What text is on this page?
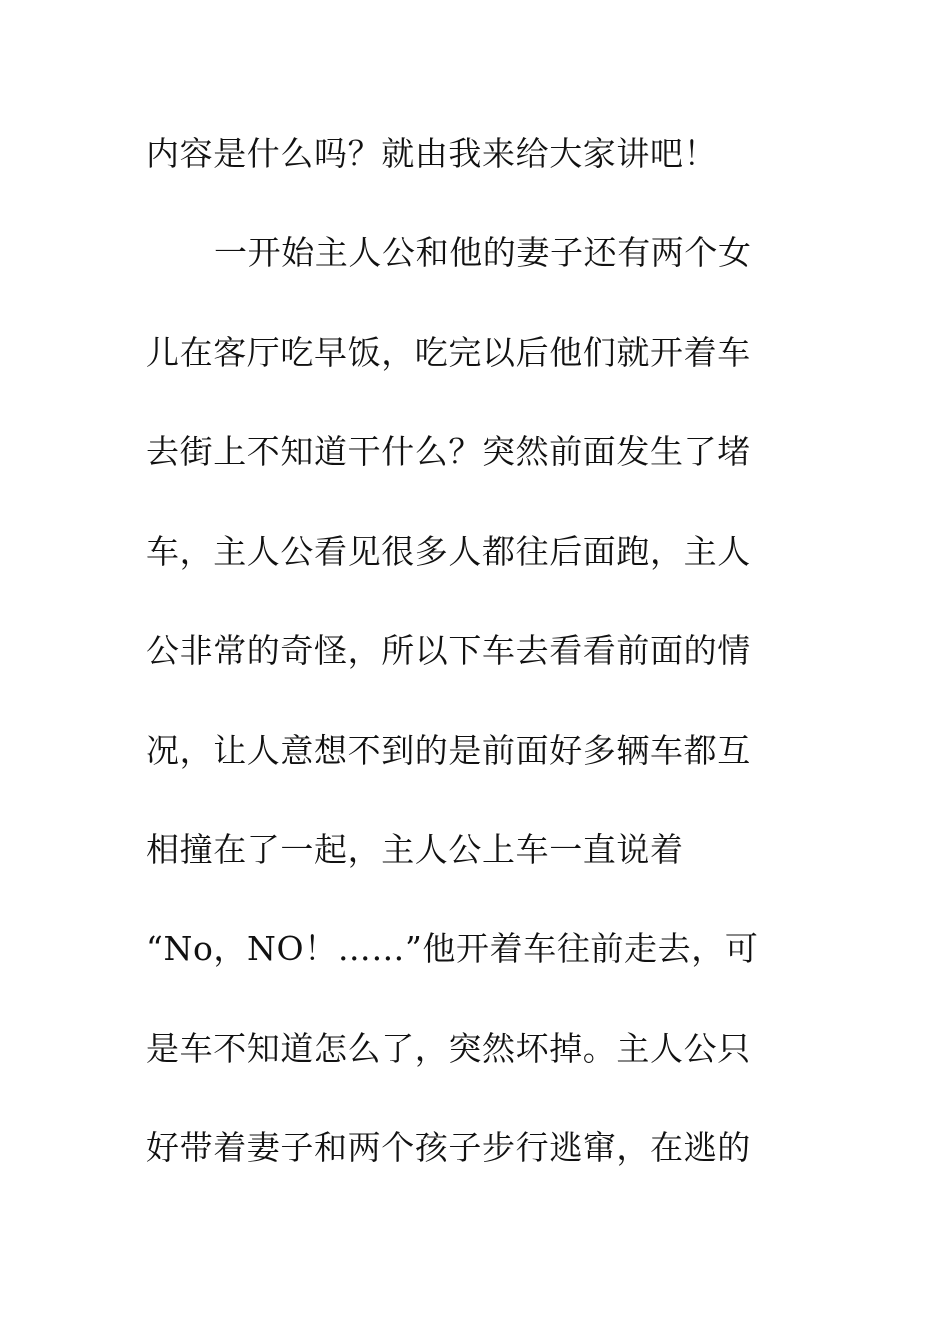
内容是什么吗？就由我来给大家讲吧！
一开始主人公和他的妻子还有两个女
儿在客厅吃早饭，吃完以后他们就开着车
去街上不知道干什么？突然前面发生了堵
车，主人公看见很多人都往后面跑，主人
公非常的奇怪，所以下车去看看前面的情
况，让人意想不到的是前面好多辆车都互
相撞在了一起，主人公上车一直说着
“No，NO！……”他开着车往前走去，可
是车不知道怎么了，突然坏掉。主人公只
好带着妻子和两个孩子步行逃窜，在逃的
